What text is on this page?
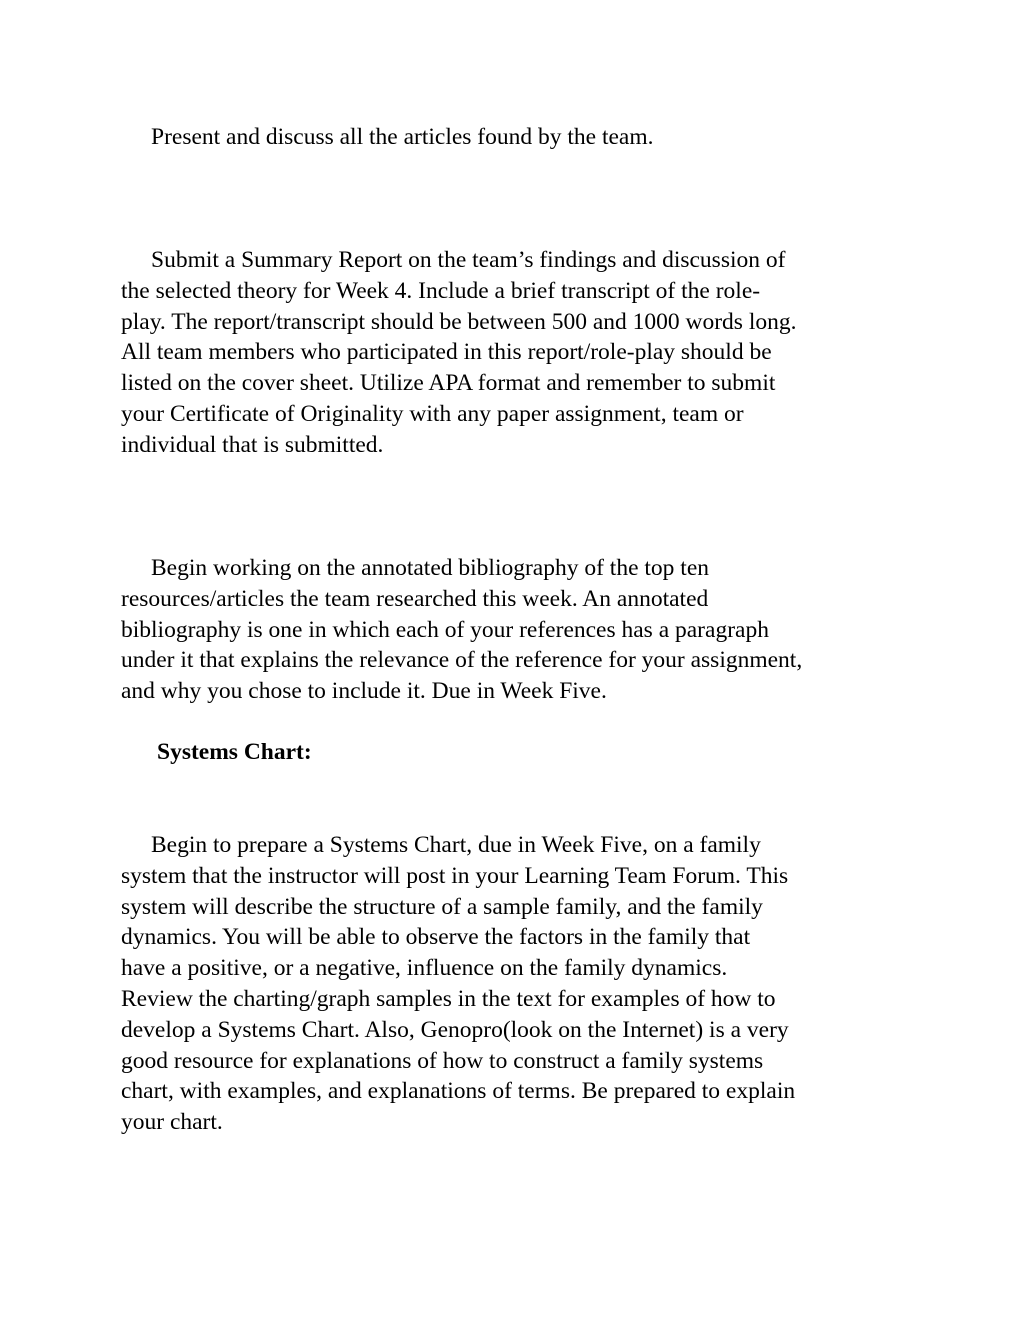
Present and discuss all the articles found by the team.
Submit a Summary Report on the team’s findings and discussion of
the selected theory for Week 4. Include a brief transcript of the role-
play. The report/transcript should be between 500 and 1000 words long.
All team members who participated in this report/role-play should be
listed on the cover sheet. Utilize APA format and remember to submit
your Certificate of Originality with any paper assignment, team or
individual that is submitted.
Begin working on the annotated bibliography of the top ten
resources/articles the team researched this week. An annotated
bibliography is one in which each of your references has a paragraph
under it that explains the relevance of the reference for your assignment,
and why you chose to include it. Due in Week Five.
Systems Chart:
Begin to prepare a Systems Chart, due in Week Five, on a family
system that the instructor will post in your Learning Team Forum. This
system will describe the structure of a sample family, and the family
dynamics. You will be able to observe the factors in the family that
have a positive, or a negative, influence on the family dynamics.
Review the charting/graph samples in the text for examples of how to
develop a Systems Chart. Also, Genopro(look on the Internet) is a very
good resource for explanations of how to construct a family systems
chart, with examples, and explanations of terms. Be prepared to explain
your chart.
